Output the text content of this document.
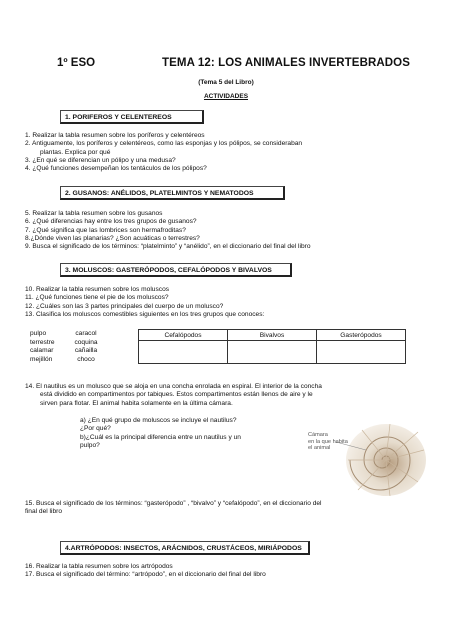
1º ESO	TEMA 12: LOS ANIMALES INVERTEBRADOS
(Tema 5 del Libro)
ACTIVIDADES
1. PORIFEROS Y CELENTEREOS
1. Realizar la tabla resumen sobre los poríferos y celentéreos
2. Antiguamente, los poríferos y celentéreos, como las esponjas y los pólipos, se consideraban
plantas. Explica por qué
3. ¿En qué se diferencian un pólipo y una medusa?
4. ¿Qué funciones desempeñan los tentáculos de los pólipos?
2. GUSANOS: ANÉLIDOS, PLATELMINTOS Y NEMATODOS
5. Realizar la tabla resumen sobre los gusanos
6. ¿Qué diferencias hay entre los tres grupos de gusanos?
7. ¿Qué significa que las lombrices son hermafroditas?
8.¿Dónde viven las planarias? ¿Son acuáticas o terrestres?
9. Busca el significado de los términos: “platelminto” y “anélido”, en el diccionario del final del libro
3. MOLUSCOS: GASTERÓPODOS, CEFALÓPODOS Y BIVALVOS
10. Realizar la tabla resumen sobre los moluscos
11. ¿Qué funciones tiene el pie de los moluscos?
12. ¿Cuáles son las 3 partes principales del cuerpo de un molusco?
13. Clasifica los moluscos comestibles siguientes en los tres grupos que conoces:
pulpo	caracol
terrestre	coquina
calamar	cañailla
mejillón	choco
Cefalópodos	Bivalvos	Gasterópodos

14. El nautilus es un molusco que se aloja en una concha enrolada en espiral. El interior de la concha
está dividido en compartimentos por tabiques. Estos compartimentos están llenos de aire y le
sirven para flotar. El animal habita solamente en la última cámara.
a) ¿En qué grupo de moluscos se incluye el nautilus?
¿Por qué?
b)¿Cuál es la principal diferencia entre un nautilus y un
pulpo?
Cámara
en la que habita
el animal
15. Busca el significado de los términos: “gasterópodo” , “bivalvo” y “cefalópodo”, en el diccionario del
final del libro
4.ARTRÓPODOS: INSECTOS, ARÁCNIDOS, CRUSTÁCEOS, MIRIÁPODOS
16. Realizar la tabla resumen sobre los artrópodos
17. Busca el significado del término: “artrópodo”, en el diccionario del final del libro
